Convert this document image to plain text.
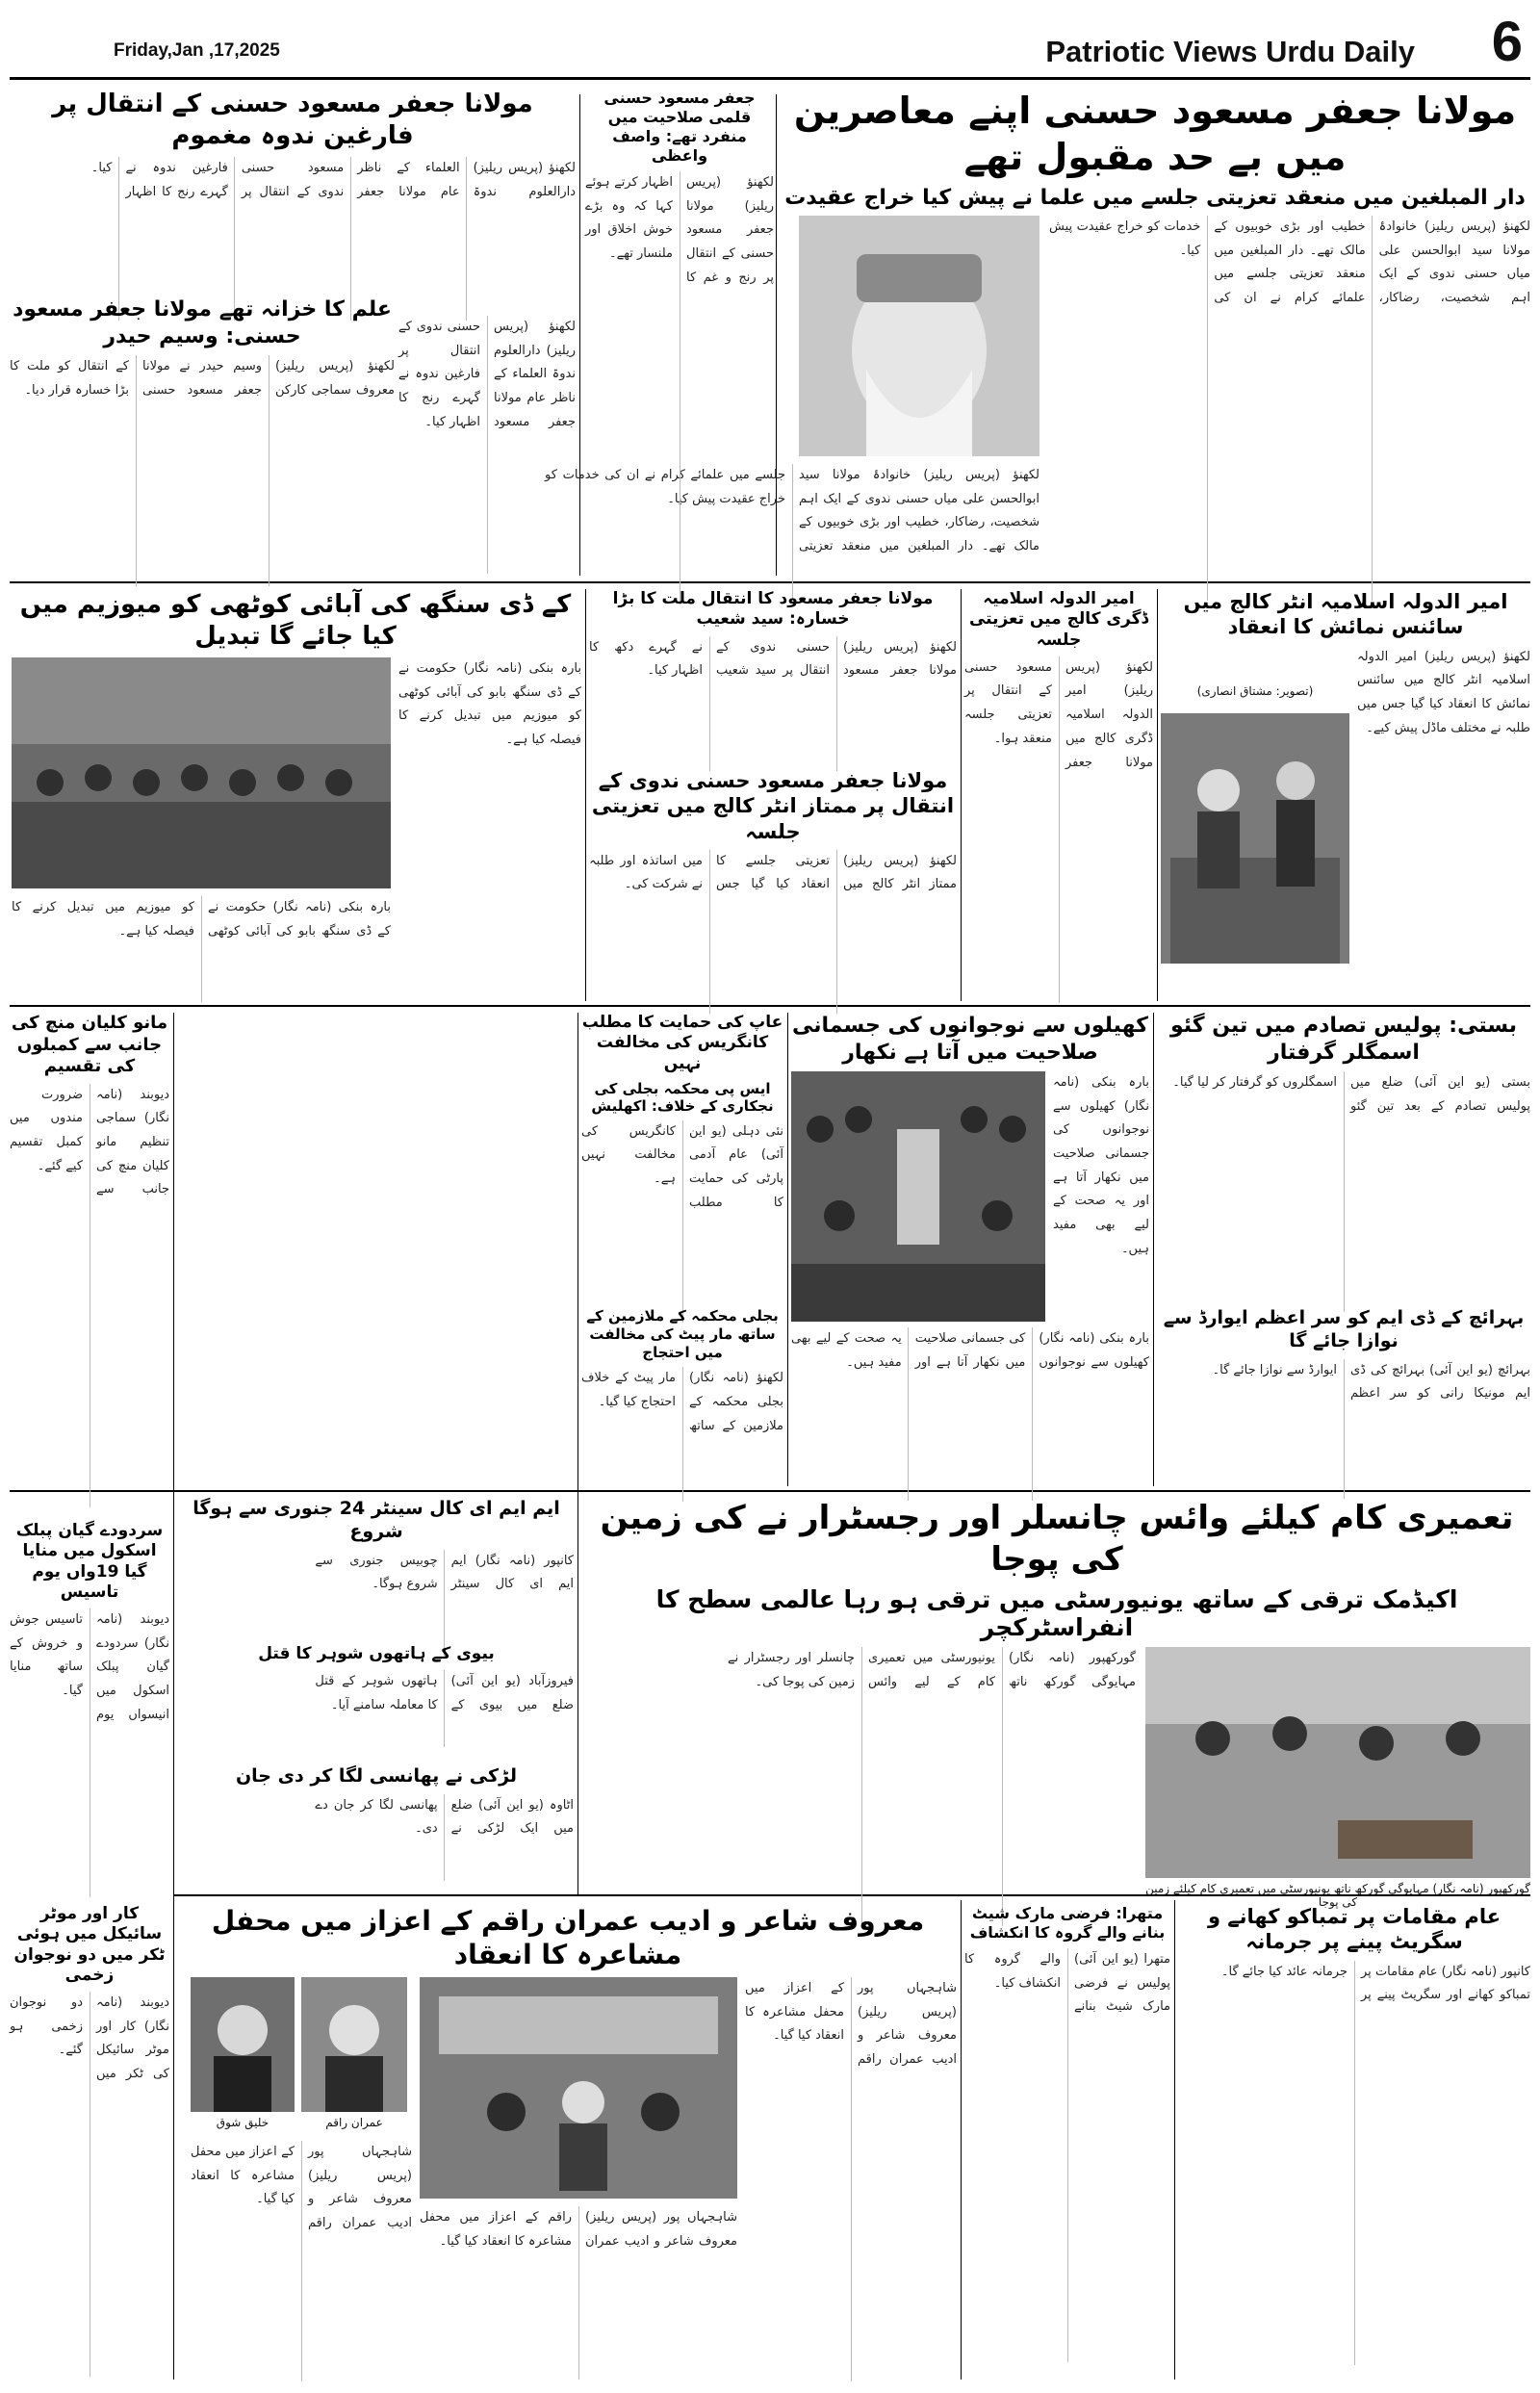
Friday,Jan ,17,2025	Patriotic Views Urdu Daily 6
مولانا جعفر مسعود حسنی اپنے معاصرین میں بے حد مقبول تھے
دار المبلغین میں منعقد تعزیتی جلسے میں علما نے پیش کیا خراج عقیدت
لکھنؤ (پریس ریلیز) خانوادۂ مولانا سید ابوالحسن علی میاں حسنی ندوی کے ایک اہم شخصیت، رضاکار، خطیب اور بڑی خوبیوں کے مالک تھے۔ دار المبلغین میں منعقد تعزیتی جلسے میں علمائے کرام نے ان کی خدمات کو خراج عقیدت پیش کیا۔
لکھنؤ (پریس ریلیز) خانوادۂ مولانا سید ابوالحسن علی میاں حسنی ندوی کے ایک اہم شخصیت، رضاکار، خطیب اور بڑی خوبیوں کے مالک تھے۔ دار المبلغین میں منعقد تعزیتی جلسے میں علمائے کرام نے ان کی خدمات کو خراج عقیدت پیش کیا۔
جعفر مسعود حسنی قلمی صلاحیت میں منفرد تھے: واصف واعظی
لکھنؤ (پریس ریلیز) مولانا جعفر مسعود حسنی کے انتقال پر رنج و غم کا اظہار کرتے ہوئے کہا کہ وہ بڑے خوش اخلاق اور ملنسار تھے۔
مولانا جعفر مسعود حسنی کے انتقال پر فارغین ندوہ مغموم
لکھنؤ (پریس ریلیز) دارالعلوم ندوۃ العلماء کے ناظر عام مولانا جعفر مسعود حسنی ندوی کے انتقال پر فارغین ندوہ نے گہرے رنج کا اظہار کیا۔
علم کا خزانہ تھے مولانا جعفر مسعود حسنی: وسیم حیدر
لکھنؤ (پریس ریلیز) معروف سماجی کارکن وسیم حیدر نے مولانا جعفر مسعود حسنی کے انتقال کو ملت کا بڑا خسارہ قرار دیا۔
لکھنؤ (پریس ریلیز) دارالعلوم ندوۃ العلماء کے ناظر عام مولانا جعفر مسعود حسنی ندوی کے انتقال پر فارغین ندوہ نے گہرے رنج کا اظہار کیا۔
امیر الدولہ اسلامیہ انٹر کالج میں سائنس نمائش کا انعقاد
لکھنؤ (پریس ریلیز) امیر الدولہ اسلامیہ انٹر کالج میں سائنس نمائش کا انعقاد کیا گیا جس میں طلبہ نے مختلف ماڈل پیش کیے۔
(تصویر: مشتاق انصاری)
امیر الدولہ اسلامیہ ڈگری کالج میں تعزیتی جلسہ
لکھنؤ (پریس ریلیز) امیر الدولہ اسلامیہ ڈگری کالج میں مولانا جعفر مسعود حسنی کے انتقال پر تعزیتی جلسہ منعقد ہوا۔
مولانا جعفر مسعود کا انتقال ملت کا بڑا خسارہ: سید شعیب
لکھنؤ (پریس ریلیز) مولانا جعفر مسعود حسنی ندوی کے انتقال پر سید شعیب نے گہرے دکھ کا اظہار کیا۔
مولانا جعفر مسعود حسنی ندوی کے انتقال پر ممتاز انٹر کالج میں تعزیتی جلسہ
لکھنؤ (پریس ریلیز) ممتاز انٹر کالج میں تعزیتی جلسے کا انعقاد کیا گیا جس میں اساتذہ اور طلبہ نے شرکت کی۔
کے ڈی سنگھ کی آبائی کوٹھی کو میوزیم میں کیا جائے گا تبدیل
بارہ بنکی (نامہ نگار) حکومت نے کے ڈی سنگھ بابو کی آبائی کوٹھی کو میوزیم میں تبدیل کرنے کا فیصلہ کیا ہے۔
بارہ بنکی (نامہ نگار) حکومت نے کے ڈی سنگھ بابو کی آبائی کوٹھی کو میوزیم میں تبدیل کرنے کا فیصلہ کیا ہے۔
بستی: پولیس تصادم میں تین گئو اسمگلر گرفتار
بستی (یو این آئی) ضلع میں پولیس تصادم کے بعد تین گئو اسمگلروں کو گرفتار کر لیا گیا۔
بہرائچ کے ڈی ایم کو سر اعظم ایوارڈ سے نوازا جائے گا
بہرائچ (یو این آئی) بہرائچ کی ڈی ایم مونیکا رانی کو سر اعظم ایوارڈ سے نوازا جائے گا۔
کھیلوں سے نوجوانوں کی جسمانی صلاحیت میں آتا ہے نکھار
بارہ بنکی (نامہ نگار) کھیلوں سے نوجوانوں کی جسمانی صلاحیت میں نکھار آتا ہے اور یہ صحت کے لیے بھی مفید ہیں۔
بارہ بنکی (نامہ نگار) کھیلوں سے نوجوانوں کی جسمانی صلاحیت میں نکھار آتا ہے اور یہ صحت کے لیے بھی مفید ہیں۔
عاپ کی حمایت کا مطلب کانگریس کی مخالفت نہیں
ایس پی محکمہ بجلی کی نجکاری کے خلاف: اکھلیش
نئی دہلی (یو این آئی) عام آدمی پارٹی کی حمایت کا مطلب کانگریس کی مخالفت نہیں ہے۔
بجلی محکمہ کے ملازمین کے ساتھ مار پیٹ کی مخالفت میں احتجاج
لکھنؤ (نامہ نگار) بجلی محکمہ کے ملازمین کے ساتھ مار پیٹ کے خلاف احتجاج کیا گیا۔
مانو کلیان منچ کی جانب سے کمبلوں کی تقسیم
دیوبند (نامہ نگار) سماجی تنظیم مانو کلیان منچ کی جانب سے ضرورت مندوں میں کمبل تقسیم کیے گئے۔
سردودے گیان پبلک اسکول میں منایا گیا 19واں یوم تاسیس
دیوبند (نامہ نگار) سردودے گیان پبلک اسکول میں انیسواں یوم تاسیس جوش و خروش کے ساتھ منایا گیا۔
تعمیری کام کیلئے وائس چانسلر اور رجسٹرار نے کی زمین کی پوجا
اکیڈمک ترقی کے ساتھ یونیورسٹی میں ترقی ہو رہا عالمی سطح کا انفراسٹرکچر
گورکھپور (نامہ نگار) مہایوگی گورکھ ناتھ یونیورسٹی میں تعمیری کام کیلئے زمین کی پوجا
گورکھپور (نامہ نگار) مہایوگی گورکھ ناتھ یونیورسٹی میں تعمیری کام کے لیے وائس چانسلر اور رجسٹرار نے زمین کی پوجا کی۔
ایم ایم ای کال سینٹر 24 جنوری سے ہوگا شروع
کانپور (نامہ نگار) ایم ایم ای کال سینٹر چوبیس جنوری سے شروع ہوگا۔
بیوی کے ہاتھوں شوہر کا قتل
فیروزآباد (یو این آئی) ضلع میں بیوی کے ہاتھوں شوہر کے قتل کا معاملہ سامنے آیا۔
لڑکی نے پھانسی لگا کر دی جان
اٹاوہ (یو این آئی) ضلع میں ایک لڑکی نے پھانسی لگا کر جان دے دی۔
عام مقامات پر تمباکو کھانے و سگریٹ پینے پر جرمانہ
کانپور (نامہ نگار) عام مقامات پر تمباکو کھانے اور سگریٹ پینے پر جرمانہ عائد کیا جائے گا۔
متھرا: فرضی مارک شیٹ بنانے والے گروہ کا انکشاف
متھرا (یو این آئی) پولیس نے فرضی مارک شیٹ بنانے والے گروہ کا انکشاف کیا۔
معروف شاعر و ادیب عمران راقم کے اعزاز میں محفل مشاعرہ کا انعقاد
شاہجہاں پور (پریس ریلیز) معروف شاعر و ادیب عمران راقم کے اعزاز میں محفل مشاعرہ کا انعقاد کیا گیا۔
شاہجہاں پور (پریس ریلیز) معروف شاعر و ادیب عمران راقم کے اعزاز میں محفل مشاعرہ کا انعقاد کیا گیا۔
عمران راقم
خلیق شوق
شاہجہاں پور (پریس ریلیز) معروف شاعر و ادیب عمران راقم کے اعزاز میں محفل مشاعرہ کا انعقاد کیا گیا۔
کار اور موٹر سائیکل میں ہوئی ٹکر میں دو نوجوان زخمی
دیوبند (نامہ نگار) کار اور موٹر سائیکل کی ٹکر میں دو نوجوان زخمی ہو گئے۔
